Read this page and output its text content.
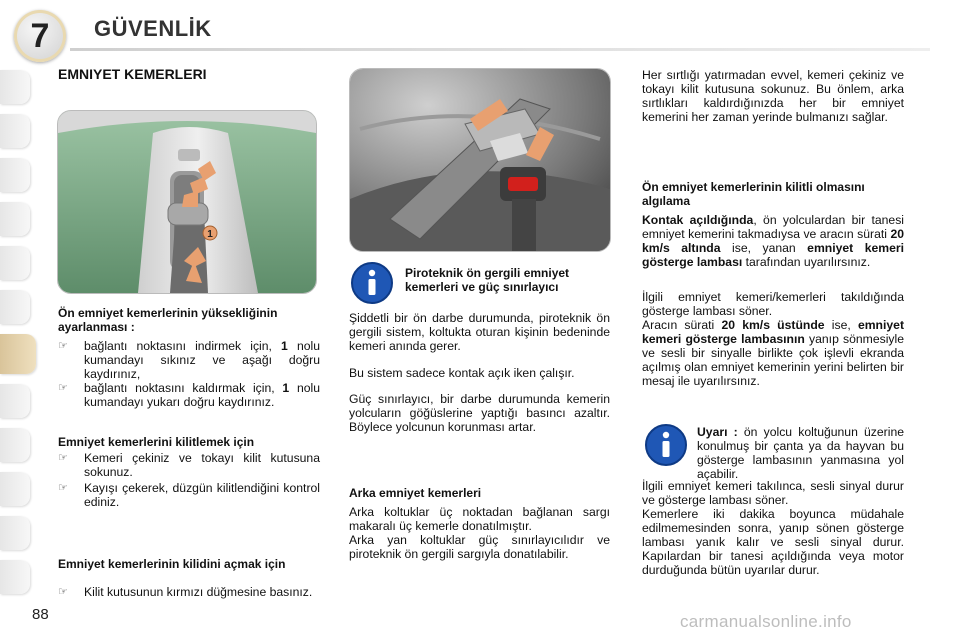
7	GÜVENLİK
EMNIYET KEMERLERI
1
Ön emniyet kemerlerinin yüksekliğinin ayarlanması :
☞ bağlantı noktasını indirmek için, 1 nolu kumandayı sıkınız ve aşağı doğru kaydırınız,
☞ bağlantı noktasını kaldırmak için, 1 nolu kumandayı yukarı doğru kaydırınız.
Emniyet kemerlerini kilitlemek için
☞ Kemeri çekiniz ve tokayı kilit kutusuna sokunuz.
☞ Kayışı çekerek, düzgün kilitlendiğini kontrol ediniz.
Emniyet kemerlerinin kilidini açmak için
☞ Kilit kutusunun kırmızı düğmesine basınız.
Piroteknik ön gergili emniyet kemerleri ve güç sınırlayıcı
Şiddetli bir ön darbe durumunda, piroteknik ön gergili sistem, koltukta oturan kişinin bedeninde kemeri anında gerer.
Bu sistem sadece kontak açık iken çalışır.
Güç sınırlayıcı, bir darbe durumunda kemerin yolcuların göğüslerine yaptığı basıncı azaltır. Böylece yolcunun korunması artar.
Arka emniyet kemerleri
Arka koltuklar üç noktadan bağlanan sargı makaralı üç kemerle donatılmıştır.
Arka yan koltuklar güç sınırlayıcılıdır ve piroteknik ön gergili sargıyla donatılabilir.
Her sırtlığı yatırmadan evvel, kemeri çekiniz ve tokayı kilit kutusuna sokunuz. Bu önlem, arka sırtlıkları kaldırdığınızda her bir emniyet kemerini her zaman yerinde bulmanızı sağlar.
Ön emniyet kemerlerinin kilitli olmasını algılama
Kontak açıldığında, ön yolculardan bir tanesi emniyet kemerini takmadıysa ve aracın sürati 20 km/s altında ise, yanan emniyet kemeri gösterge lambası tarafından uyarılırsınız.
İlgili emniyet kemeri/kemerleri takıldığında gösterge lambası söner.
Aracın sürati 20 km/s üstünde ise, emniyet kemeri gösterge lambasının yanıp sönmesiyle ve sesli bir sinyalle birlikte çok işlevli ekranda açılmış olan emniyet kemerinin yerini belirten bir mesaj ile uyarılırsınız.
Uyarı : ön yolcu koltuğunun üzerine konulmuş bir çanta ya da hayvan bu gösterge lambasının yanmasına yol açabilir.
İlgili emniyet kemeri takılınca, sesli sinyal durur ve gösterge lambası söner.
Kemerlere iki dakika boyunca müdahale edilmemesinden sonra, yanıp sönen gösterge lambası yanık kalır ve sesli sinyal durur. Kapılardan bir tanesi açıldığında veya motor durduğunda bütün uyarılar durur.
88	carmanualsonline.info
